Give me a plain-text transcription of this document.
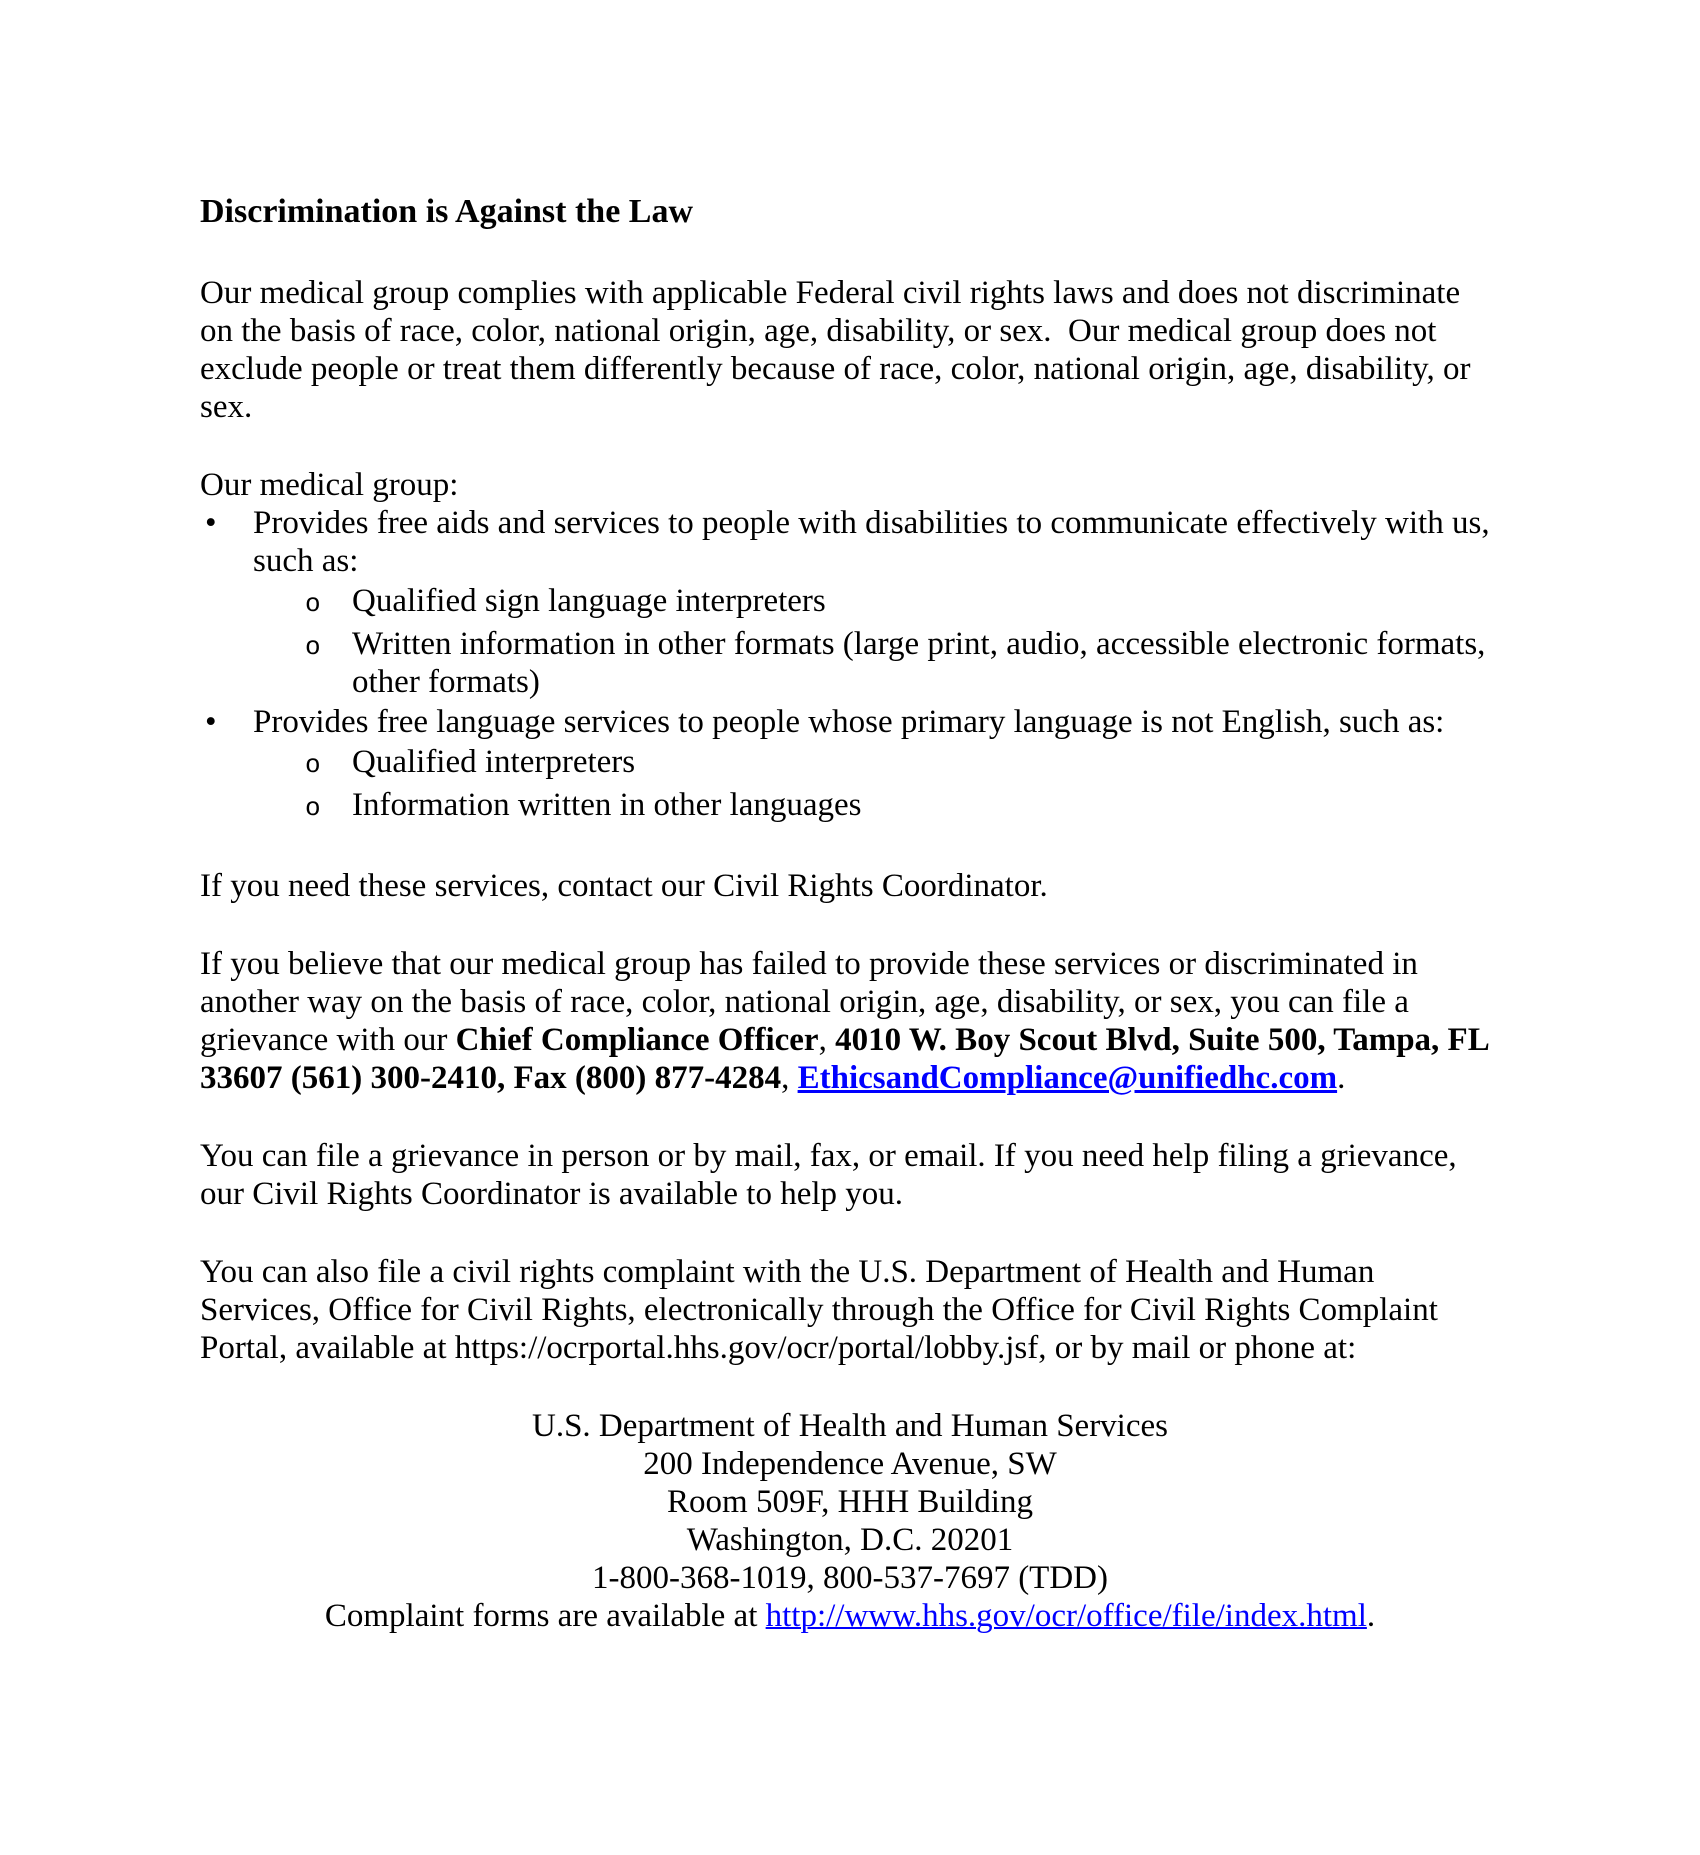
Discrimination is Against the Law

Our medical group complies with applicable Federal civil rights laws and does not discriminate on the basis of race, color, national origin, age, disability, or sex.  Our medical group does not exclude people or treat them differently because of race, color, national origin, age, disability, or sex.

Our medical group:

•	Provides free aids and services to people with disabilities to communicate effectively with us, such as:
o Qualified sign language interpreters
o Written information in other formats (large print, audio, accessible electronic formats, other formats)
•	Provides free language services to people whose primary language is not English, such as:
o Qualified interpreters
o Information written in other languages

If you need these services, contact our Civil Rights Coordinator.

If you believe that our medical group has failed to provide these services or discriminated in another way on the basis of race, color, national origin, age, disability, or sex, you can file a grievance with our Chief Compliance Officer, 4010 W. Boy Scout Blvd, Suite 500, Tampa, FL 33607 (561) 300-2410, Fax (800) 877-4284, EthicsandCompliance@unifiedhc.com.

You can file a grievance in person or by mail, fax, or email. If you need help filing a grievance, our Civil Rights Coordinator is available to help you.

You can also file a civil rights complaint with the U.S. Department of Health and Human Services, Office for Civil Rights, electronically through the Office for Civil Rights Complaint Portal, available at https://ocrportal.hhs.gov/ocr/portal/lobby.jsf, or by mail or phone at:

U.S. Department of Health and Human Services

200 Independence Avenue, SW

Room 509F, HHH Building

Washington, D.C. 20201

1-800-368-1019, 800-537-7697 (TDD)

Complaint forms are available at http://www.hhs.gov/ocr/office/file/index.html.
